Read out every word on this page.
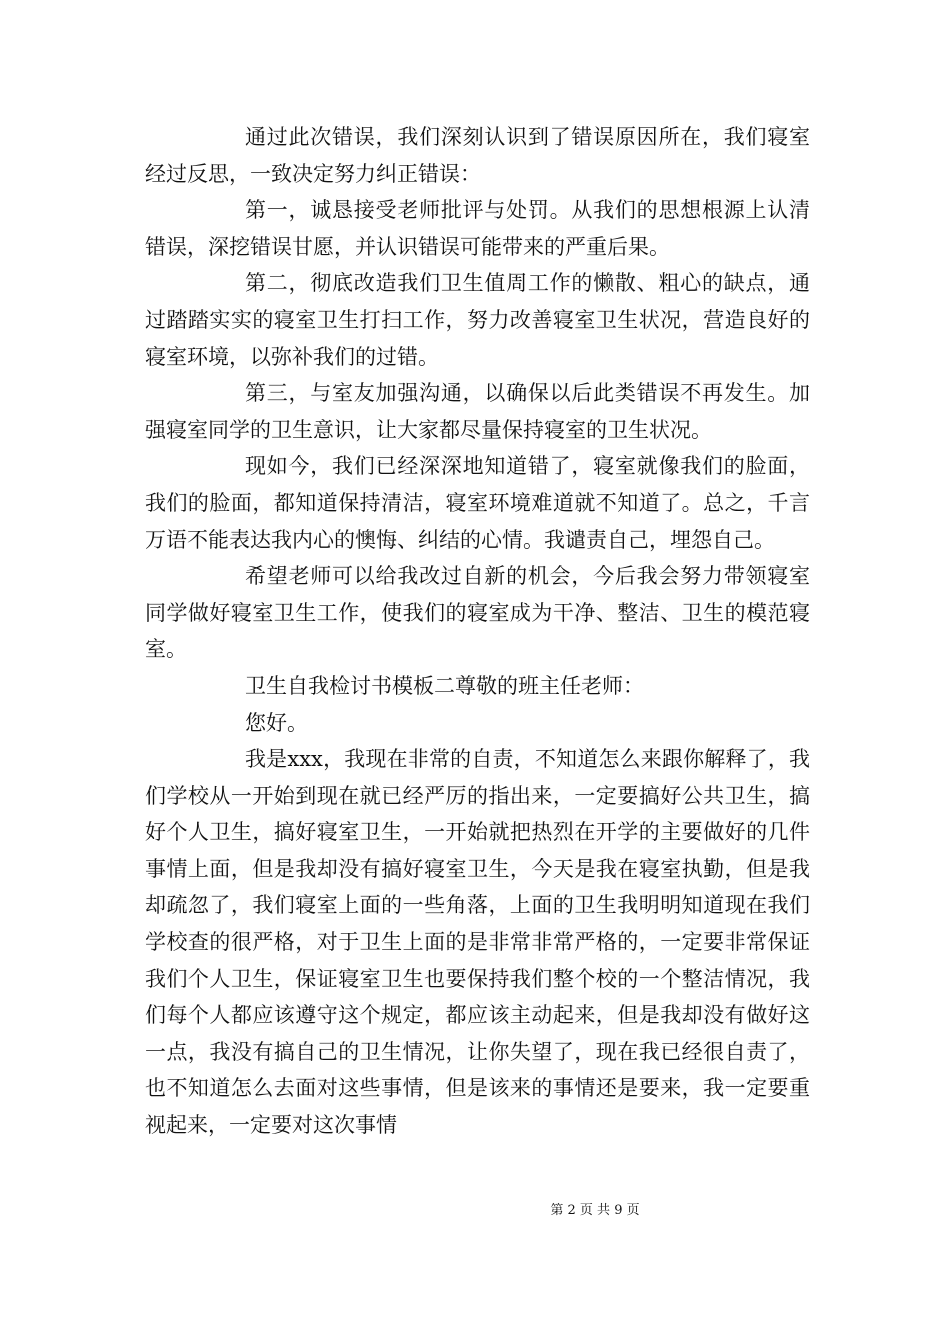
通过此次错误，我们深刻认识到了错误原因所在，我们寝室经过反思，一致决定努力纠正错误：

第一，诚恳接受老师批评与处罚。从我们的思想根源上认清错误，深挖错误甘愿，并认识错误可能带来的严重后果。

第二，彻底改造我们卫生值周工作的懒散、粗心的缺点，通过踏踏实实的寝室卫生打扫工作，努力改善寝室卫生状况，营造良好的寝室环境，以弥补我们的过错。

第三，与室友加强沟通，以确保以后此类错误不再发生。加强寝室同学的卫生意识，让大家都尽量保持寝室的卫生状况。

现如今，我们已经深深地知道错了，寝室就像我们的脸面，我们的脸面，都知道保持清洁，寝室环境难道就不知道了。总之，千言万语不能表达我内心的懊悔、纠结的心情。我谴责自己，埋怨自己。

希望老师可以给我改过自新的机会，今后我会努力带领寝室同学做好寝室卫生工作，使我们的寝室成为干净、整洁、卫生的模范寝室。

卫生自我检讨书模板二尊敬的班主任老师：

您好。

我是xxx，我现在非常的自责，不知道怎么来跟你解释了，我们学校从一开始到现在就已经严厉的指出来，一定要搞好公共卫生，搞好个人卫生，搞好寝室卫生，一开始就把热烈在开学的主要做好的几件事情上面，但是我却没有搞好寝室卫生，今天是我在寝室执勤，但是我却疏忽了，我们寝室上面的一些角落，上面的卫生我明明知道现在我们学校查的很严格，对于卫生上面的是非常非常严格的，一定要非常保证我们个人卫生，保证寝室卫生也要保持我们整个校的一个整洁情况，我们每个人都应该遵守这个规定，都应该主动起来，但是我却没有做好这一点，我没有搞自己的卫生情况，让你失望了，现在我已经很自责了，也不知道怎么去面对这些事情，但是该来的事情还是要来，我一定要重视起来，一定要对这次事情

第 2 页 共 9 页
